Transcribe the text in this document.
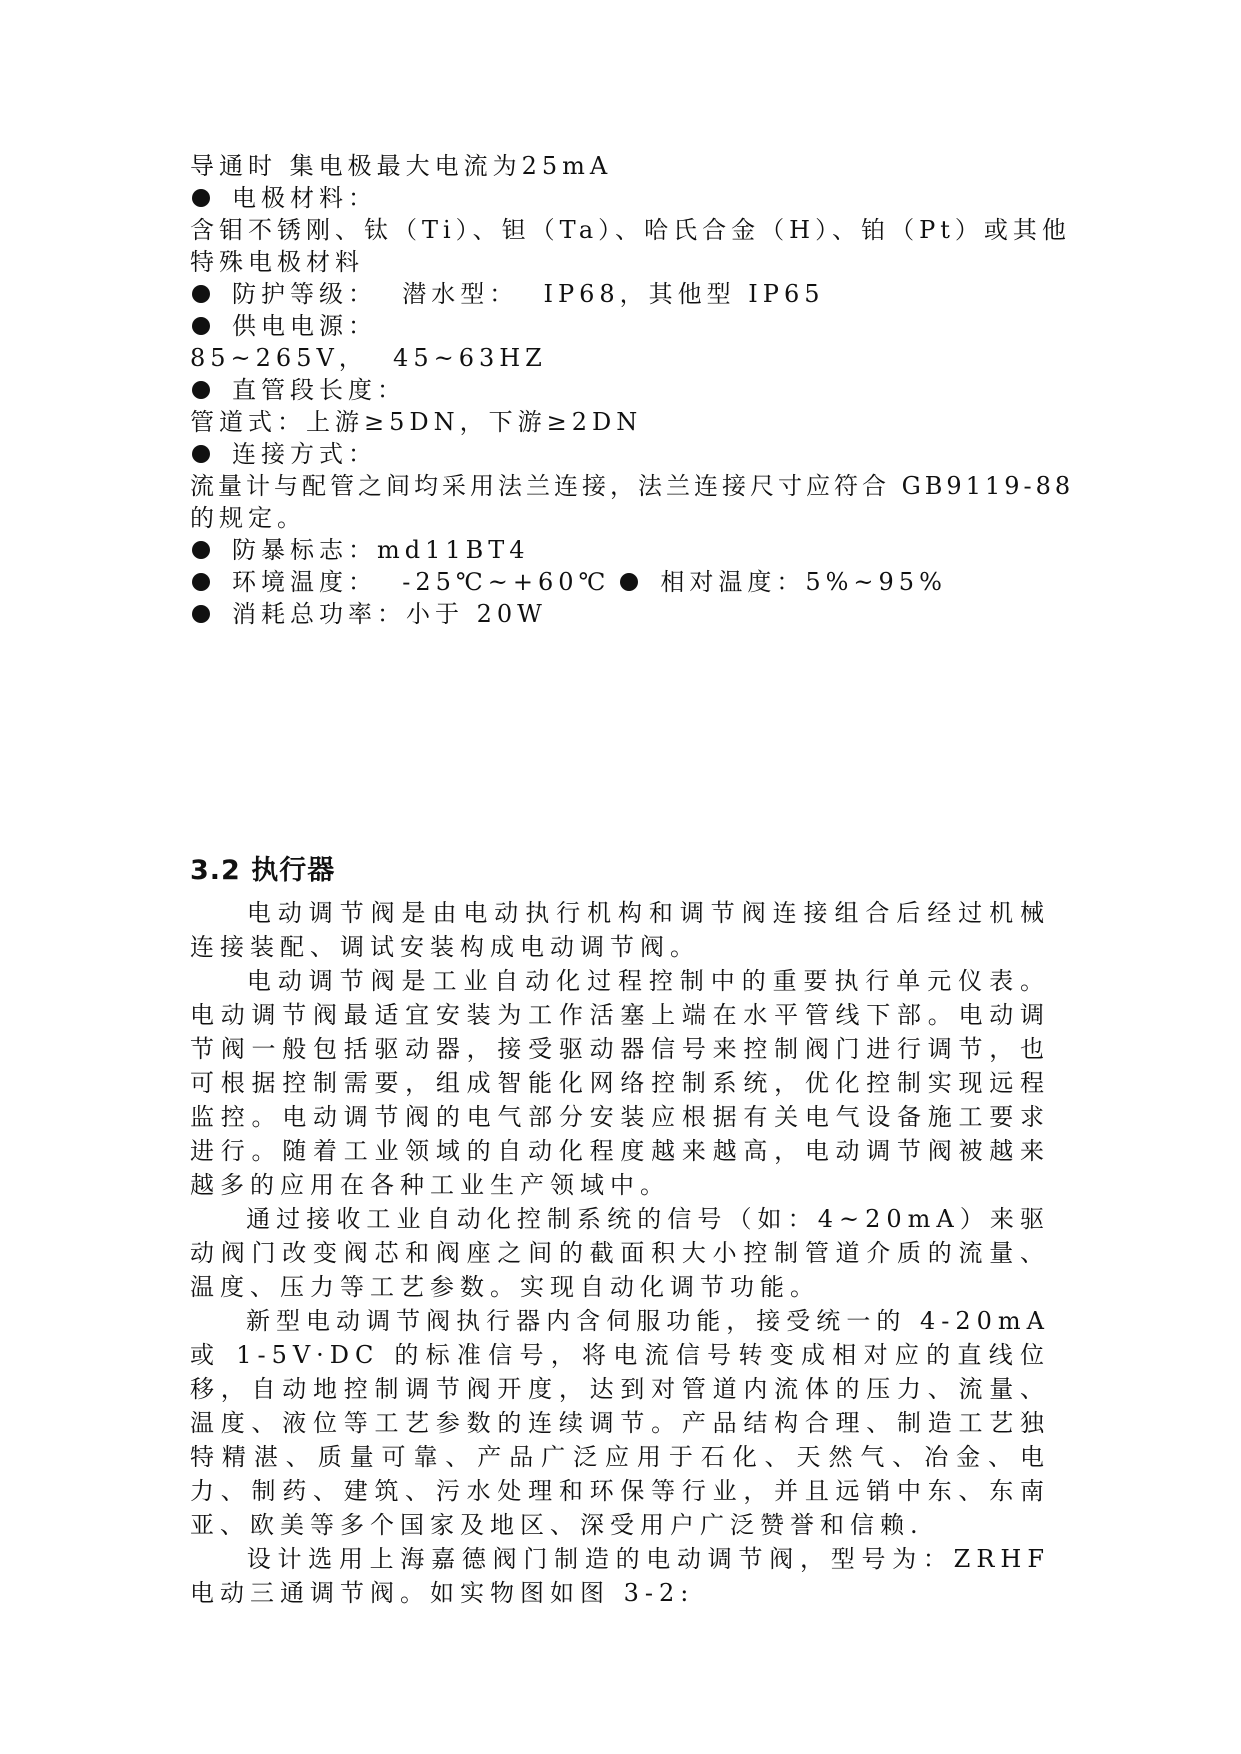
导通时 集电极最大电流为25mA
电极材料：
含钼不锈刚、钛（Ti）、钽（Ta）、哈氏合金（H）、铂（Pt）或其他
特殊电极材料
防护等级：  潜水型：  IP68，其他型 IP65
供电电源：
85~265V，  45~63HZ
直管段长度：
管道式：上游≥5DN，下游≥2DN
连接方式：
流量计与配管之间均采用法兰连接，法兰连接尺寸应符合 GB9119-88
的规定。
防暴标志：md11BT4
环境温度：  -25℃~+60℃ 相对温度：5%~95%
消耗总功率：小于 20W
3.2 执行器
电动调节阀是由电动执行机构和调节阀连接组合后经过机械连接装配、调试安装构成电动调节阀。
电动调节阀是工业自动化过程控制中的重要执行单元仪表。电动调节阀最适宜安装为工作活塞上端在水平管线下部。电动调节阀一般包括驱动器，接受驱动器信号来控制阀门进行调节，也可根据控制需要，组成智能化网络控制系统，优化控制实现远程监控。电动调节阀的电气部分安装应根据有关电气设备施工要求进行。随着工业领域的自动化程度越来越高，电动调节阀被越来越多的应用在各种工业生产领域中。
通过接收工业自动化控制系统的信号（如：4~20mA）来驱动阀门改变阀芯和阀座之间的截面积大小控制管道介质的流量、温度、压力等工艺参数。实现自动化调节功能。
新型电动调节阀执行器内含伺服功能，接受统一的 4-20mA 或 1-5V·DC 的标准信号，将电流信号转变成相对应的直线位移，自动地控制调节阀开度，达到对管道内流体的压力、流量、温度、液位等工艺参数的连续调节。产品结构合理、制造工艺独特精湛、质量可靠、产品广泛应用于石化、天然气、冶金、电力、制药、建筑、污水处理和环保等行业，并且远销中东、东南亚、欧美等多个国家及地区、深受用户广泛赞誉和信赖.
设计选用上海嘉德阀门制造的电动调节阀，型号为：ZRHF 电动三通调节阀。如实物图如图 3-2:
